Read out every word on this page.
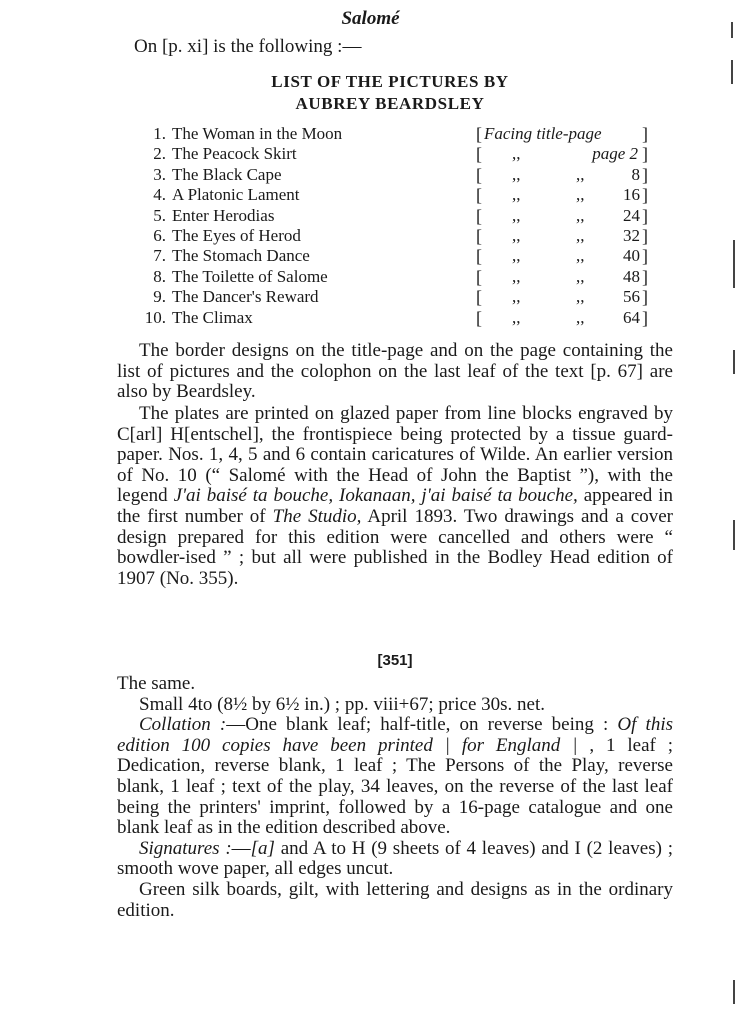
Salomé
On [p. xi] is the following :—
LIST OF THE PICTURES BY
AUBREY BEARDSLEY
1. The Woman in the Moon	[ Facing title-page ]
2. The Peacock Skirt	[ ,,	page 2 ]
3. The Black Cape	[ ,,	,,	8 ]
4. A Platonic Lament	[ ,,	,, 16 ]
5. Enter Herodias	[ ,,	,, 24 ]
6. The Eyes of Herod	[ ,,	,, 32 ]
7. The Stomach Dance	[ ,,	,, 40 ]
8. The Toilette of Salome	[ ,,	,, 48 ]
9. The Dancer's Reward	[ ,,	,, 56 ]
10. The Climax	[ ,,	,, 64 ]

The border designs on the title-page and on the page containing the list of pictures and the colophon on the last leaf of the text [p. 67] are also by Beardsley.

The plates are printed on glazed paper from line blocks engraved by C[arl] H[entschel], the frontispiece being protected by a tissue guard-paper. Nos. 1, 4, 5 and 6 contain caricatures of Wilde. An earlier version of No. 10 (“ Salomé with the Head of John the Baptist ”), with the legend J'ai baisé ta bouche, Iokanaan, j'ai baisé ta bouche, appeared in the first number of The Studio, April 1893. Two drawings and a cover design prepared for this edition were cancelled and others were “ bowdler-ised ” ; but all were published in the Bodley Head edition of 1907 (No. 355).

[351]

The same.

Small 4to (8½ by 6½ in.) ; pp. viii+67; price 30s. net.

Collation :—One blank leaf; half-title, on reverse being : Of this edition 100 copies have been printed | for England | , 1 leaf ; Dedication, reverse blank, 1 leaf ; The Persons of the Play, reverse blank, 1 leaf ; text of the play, 34 leaves, on the reverse of the last leaf being the printers' imprint, followed by a 16-page catalogue and one blank leaf as in the edition described above.

Signatures :—[a] and A to H (9 sheets of 4 leaves) and I (2 leaves) ; smooth wove paper, all edges uncut.

Green silk boards, gilt, with lettering and designs as in the ordinary edition.
